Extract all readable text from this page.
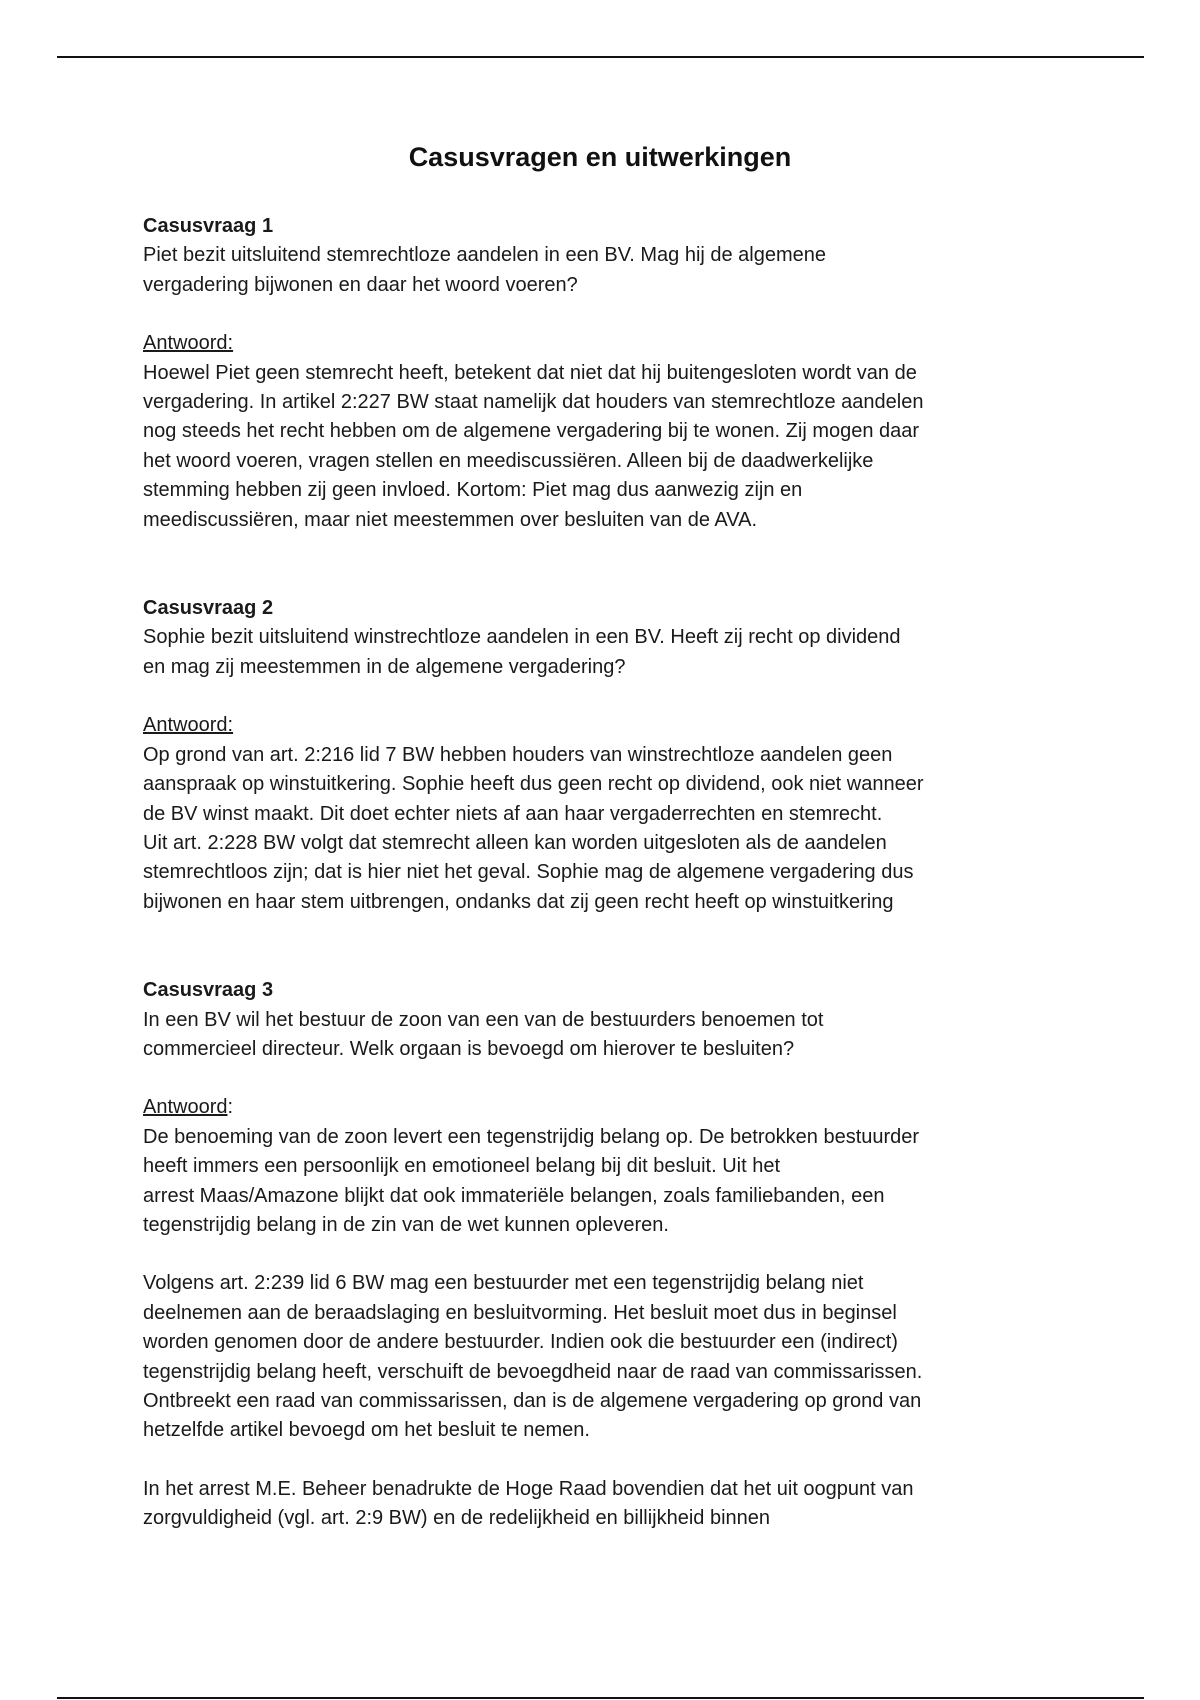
Casusvragen en uitwerkingen

Casusvraag 1

Piet bezit uitsluitend stemrechtloze aandelen in een BV. Mag hij de algemene
vergadering bijwonen en daar het woord voeren?

Antwoord:

Hoewel Piet geen stemrecht heeft, betekent dat niet dat hij buitengesloten wordt van de
vergadering. In artikel 2:227 BW staat namelijk dat houders van stemrechtloze aandelen
nog steeds het recht hebben om de algemene vergadering bij te wonen. Zij mogen daar
het woord voeren, vragen stellen en meediscussiëren. Alleen bij de daadwerkelijke
stemming hebben zij geen invloed. Kortom: Piet mag dus aanwezig zijn en
meediscussiëren, maar niet meestemmen over besluiten van de AVA.

Casusvraag 2

Sophie bezit uitsluitend winstrechtloze aandelen in een BV. Heeft zij recht op dividend
en mag zij meestemmen in de algemene vergadering?

Antwoord:

Op grond van art. 2:216 lid 7 BW hebben houders van winstrechtloze aandelen geen
aanspraak op winstuitkering. Sophie heeft dus geen recht op dividend, ook niet wanneer
de BV winst maakt. Dit doet echter niets af aan haar vergaderrechten en stemrecht.
Uit art. 2:228 BW volgt dat stemrecht alleen kan worden uitgesloten als de aandelen
stemrechtloos zijn; dat is hier niet het geval. Sophie mag de algemene vergadering dus
bijwonen en haar stem uitbrengen, ondanks dat zij geen recht heeft op winstuitkering

Casusvraag 3

In een BV wil het bestuur de zoon van een van de bestuurders benoemen tot
commercieel directeur. Welk orgaan is bevoegd om hierover te besluiten?

Antwoord:

De benoeming van de zoon levert een tegenstrijdig belang op. De betrokken bestuurder
heeft immers een persoonlijk en emotioneel belang bij dit besluit. Uit het
arrest Maas/Amazone blijkt dat ook immateriële belangen, zoals familiebanden, een
tegenstrijdig belang in de zin van de wet kunnen opleveren.

Volgens art. 2:239 lid 6 BW mag een bestuurder met een tegenstrijdig belang niet
deelnemen aan de beraadslaging en besluitvorming. Het besluit moet dus in beginsel
worden genomen door de andere bestuurder. Indien ook die bestuurder een (indirect)
tegenstrijdig belang heeft, verschuift de bevoegdheid naar de raad van commissarissen.
Ontbreekt een raad van commissarissen, dan is de algemene vergadering op grond van
hetzelfde artikel bevoegd om het besluit te nemen.

In het arrest M.E. Beheer benadrukte de Hoge Raad bovendien dat het uit oogpunt van
zorgvuldigheid (vgl. art. 2:9 BW) en de redelijkheid en billijkheid binnen
